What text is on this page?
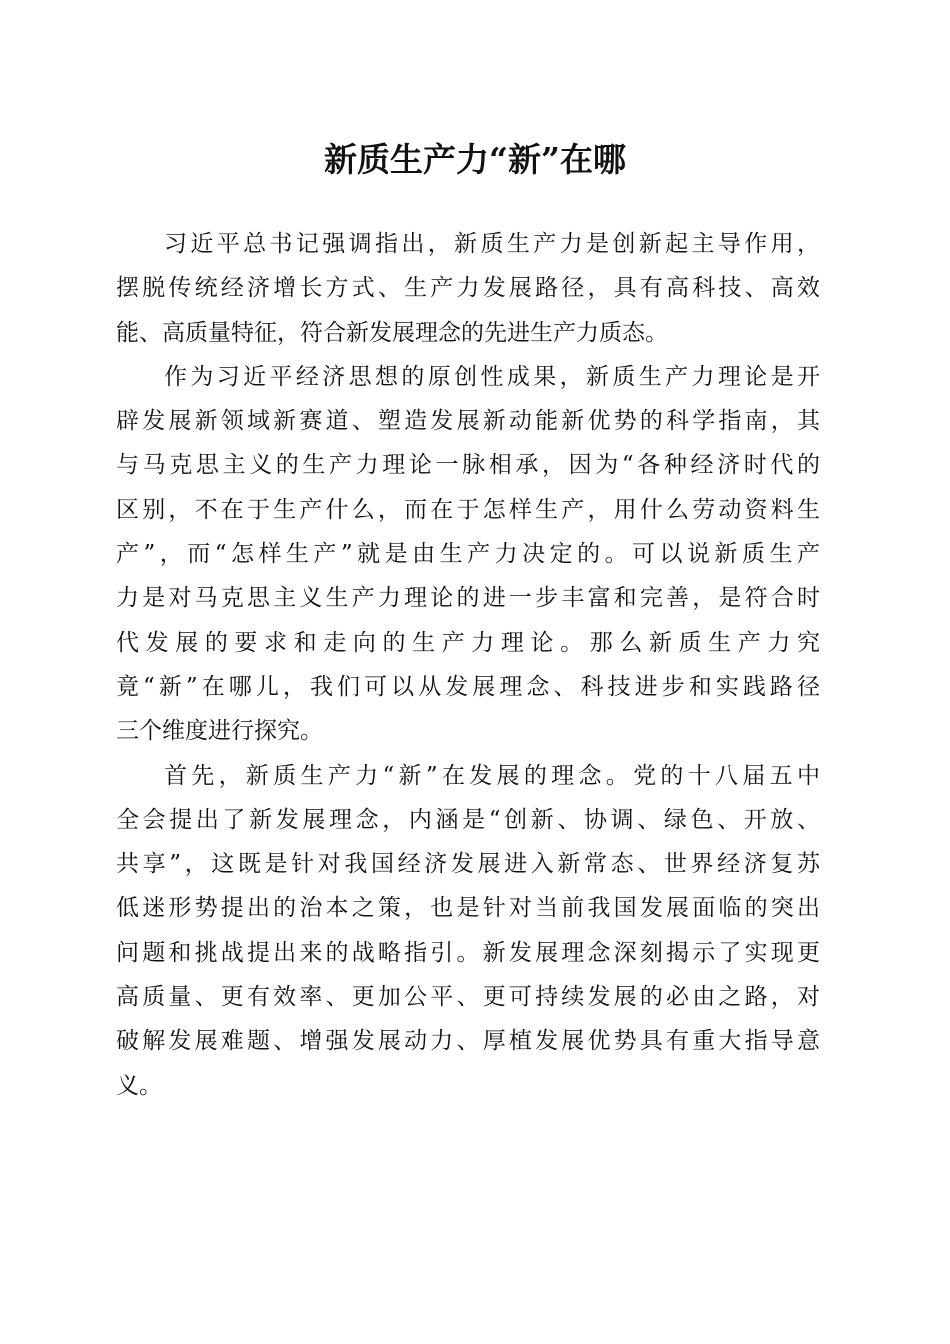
新质生产力“新”在哪
习近平总书记强调指出，新质生产力是创新起主导作用，
摆脱传统经济增长方式、生产力发展路径，具有高科技、高效
能、高质量特征，符合新发展理念的先进生产力质态。
作为习近平经济思想的原创性成果，新质生产力理论是开
辟发展新领域新赛道、塑造发展新动能新优势的科学指南，其
与马克思主义的生产力理论一脉相承，因为“各种经济时代的
区别，不在于生产什么，而在于怎样生产，用什么劳动资料生
产”，而“怎样生产”就是由生产力决定的。可以说新质生产
力是对马克思主义生产力理论的进一步丰富和完善，是符合时
代发展的要求和走向的生产力理论。那么新质生产力究
竟“新”在哪儿，我们可以从发展理念、科技进步和实践路径
三个维度进行探究。
首先，新质生产力“新”在发展的理念。党的十八届五中
全会提出了新发展理念，内涵是“创新、协调、绿色、开放、
共享”，这既是针对我国经济发展进入新常态、世界经济复苏
低迷形势提出的治本之策，也是针对当前我国发展面临的突出
问题和挑战提出来的战略指引。新发展理念深刻揭示了实现更
高质量、更有效率、更加公平、更可持续发展的必由之路，对
破解发展难题、增强发展动力、厚植发展优势具有重大指导意
义。
